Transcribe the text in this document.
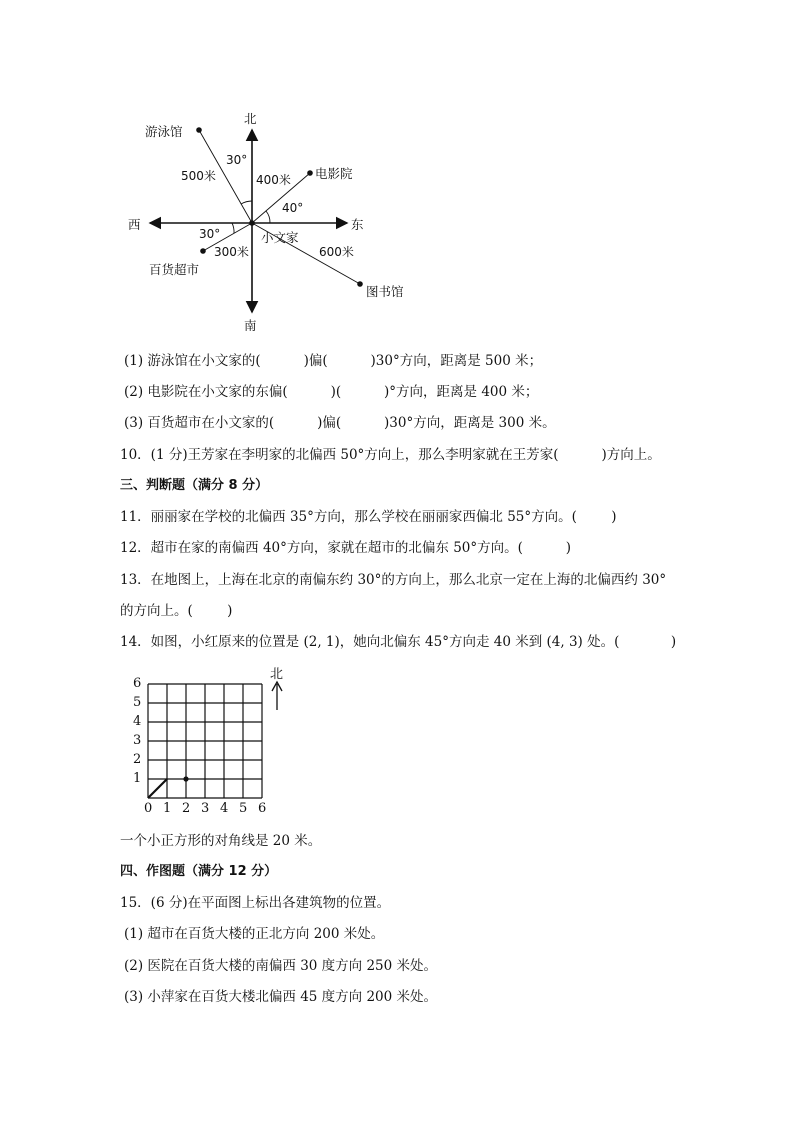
北
南
东
西
小文家
游泳馆
500米
30°
电影院
400米
40°
百货超市
300米
30°
图书馆
600米
(1) 游泳馆在小文家的(          )偏(          )30°方向，距离是 500 米；
(2) 电影院在小文家的东偏(          )(          )°方向，距离是 400 米；
(3) 百货超市在小文家的(          )偏(          )30°方向，距离是 300 米。
10．(1 分)王芳家在李明家的北偏西 50°方向上，那么李明家就在王芳家(          )方向上。
三、判断题（满分 8 分）
11．丽丽家在学校的北偏西 35°方向，那么学校在丽丽家西偏北 55°方向。(        )
12．超市在家的南偏西 40°方向，家就在超市的北偏东 50°方向。(          )
13．在地图上，上海在北京的南偏东约 30°的方向上，那么北京一定在上海的北偏西约 30°
的方向上。(        )
14．如图，小红原来的位置是 (2, 1)，她向北偏东 45°方向走 40 米到 (4, 3) 处。(            )
北
6
5
4
3
2
1
0 1 2 3 4 5 6
一个小正方形的对角线是 20 米。
四、作图题（满分 12 分）
15．(6 分)在平面图上标出各建筑物的位置。
(1) 超市在百货大楼的正北方向 200 米处。
(2) 医院在百货大楼的南偏西 30 度方向 250 米处。
(3) 小萍家在百货大楼北偏西 45 度方向 200 米处。
